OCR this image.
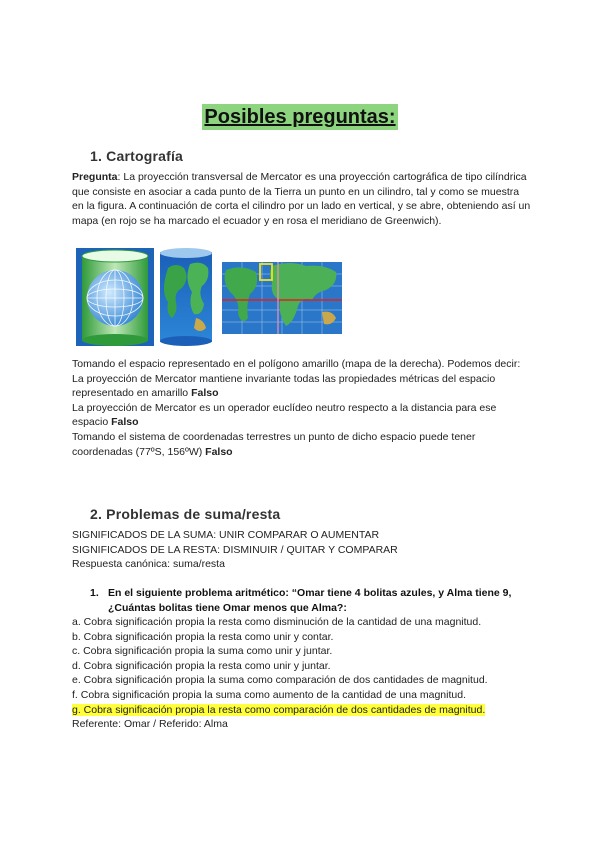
Posibles preguntas:
1. Cartografía

Pregunta: La proyección transversal de Mercator es una proyección cartográfica de tipo cilíndrica que consiste en asociar a cada punto de la Tierra un punto en un cilindro, tal y como se muestra en la figura. A continuación de corta el cilindro por un lado en vertical, y se abre, obteniendo así un mapa (en rojo se ha marcado el ecuador y en rosa el meridiano de Greenwich).

Tomando el espacio representado en el polígono amarillo (mapa de la derecha). Podemos decir:

La proyección de Mercator mantiene invariante todas las propiedades métricas del espacio representado en amarillo Falso

La proyección de Mercator es un operador euclídeo neutro respecto a la distancia para ese espacio Falso

Tomando el sistema de coordenadas terrestres un punto de dicho espacio puede tener coordenadas (77ºS, 156ºW) Falso

2. Problemas de suma/resta

SIGNIFICADOS DE LA SUMA: UNIR COMPARAR O AUMENTAR

SIGNIFICADOS DE LA RESTA: DISMINUIR / QUITAR Y COMPARAR

Respuesta canónica: suma/resta

1. En el siguiente problema aritmético: “Omar tiene 4 bolitas azules, y Alma tiene 9, ¿Cuántas bolitas tiene Omar menos que Alma?:

a. Cobra significación propia la resta como disminución de la cantidad de una magnitud.

b. Cobra significación propia la resta como unir y contar.

c. Cobra significación propia la suma como unir y juntar.

d. Cobra significación propia la resta como unir y juntar.

e. Cobra significación propia la suma como comparación de dos cantidades de magnitud.

f. Cobra significación propia la suma como aumento de la cantidad de una magnitud.

g. Cobra significación propia la resta como comparación de dos cantidades de magnitud.

Referente: Omar / Referido: Alma
